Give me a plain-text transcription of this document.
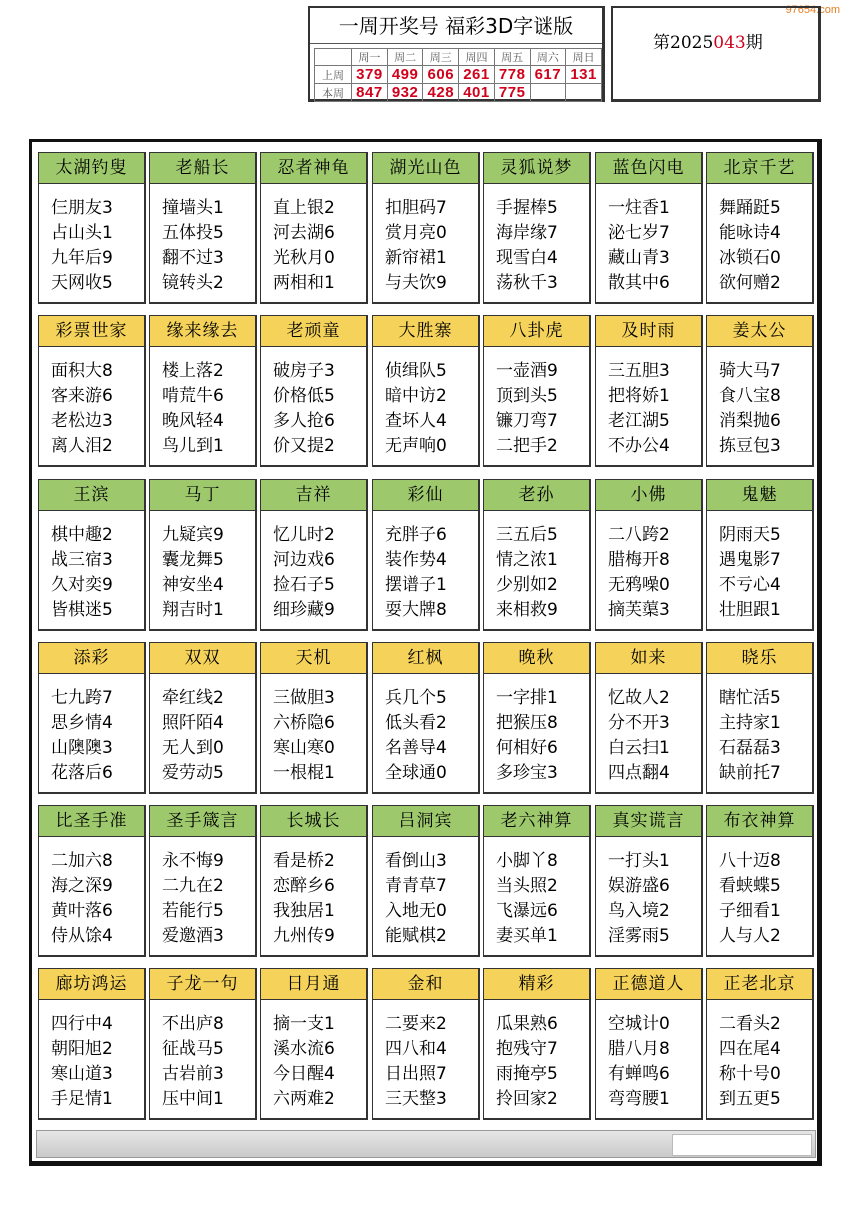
97654.com
一周开奖号 福彩3D字谜版
	周一	周二	周三	周四	周五	周六	周日
上周	379	499	606	261	778	617	131
本周	847	932	428	401	775		
第2025043期
太湖钓叟
仨朋友3
占山头1
九年后9
天网收5
老船长
撞墙头1
五体投5
翻不过3
镜转头2
忍者神龟
直上银2
河去湖6
光秋月0
两相和1
湖光山色
扣胆码7
赏月亮0
新帘裙1
与夫饮9
灵狐说梦
手握棒5
海岸缘7
现雪白4
荡秋千3
蓝色闪电
一炷香1
泌七岁7
藏山青3
散其中6
北京千艺
舞踊跹5
能咏诗4
冰锁石0
欲何赠2
彩票世家
面积大8
客来游6
老松边3
离人泪2
缘来缘去
楼上落2
啃荒牛6
晚风轻4
鸟儿到1
老顽童
破房子3
价格低5
多人抢6
价又提2
大胜寨
侦缉队5
暗中访2
查坏人4
无声响0
八卦虎
一壶酒9
顶到头5
镰刀弯7
二把手2
及时雨
三五胆3
把将娇1
老江湖5
不办公4
姜太公
骑大马7
食八宝8
消梨抛6
拣豆包3
王滨
棋中趣2
战三宿3
久对奕9
皆棋迷5
马丁
九疑宾9
囊龙舞5
神安坐4
翔吉时1
吉祥
忆儿时2
河边戏6
捡石子5
细珍藏9
彩仙
充胖子6
装作势4
摆谱子1
耍大牌8
老孙
三五后5
情之浓1
少别如2
来相救9
小佛
二八跨2
腊梅开8
无鸦噪0
摘芙蕖3
鬼魅
阴雨天5
遇鬼影7
不亏心4
壮胆跟1
添彩
七九跨7
思乡情4
山隩隩3
花落后6
双双
牵红线2
照阡陌4
无人到0
爱劳动5
天机
三做胆3
六桥隐6
寒山寒0
一根棍1
红枫
兵几个5
低头看2
名善导4
全球通0
晚秋
一字排1
把猴压8
何相好6
多珍宝3
如来
忆故人2
分不开3
白云扫1
四点翻4
晓乐
瞎忙活5
主持家1
石磊磊3
缺前托7
比圣手准
二加六8
海之深9
黄叶落6
侍从馀4
圣手箴言
永不悔9
二九在2
若能行5
爱邀酒3
长城长
看是桥2
恋醉乡6
我独居1
九州传9
吕洞宾
看倒山3
青青草7
入地无0
能赋棋2
老六神算
小脚丫8
当头照2
飞瀑远6
妻买单1
真实谎言
一打头1
娱游盛6
鸟入境2
淫雾雨5
布衣神算
八十迈8
看蛱蝶5
子细看1
人与人2
廊坊鸿运
四行中4
朝阳旭2
寒山道3
手足情1
子龙一句
不出庐8
征战马5
古岩前3
压中间1
日月通
摘一支1
溪水流6
今日醒4
六两难2
金和
二要来2
四八和4
日出照7
三天整3
精彩
瓜果熟6
抱残守7
雨掩亭5
拎回家2
正德道人
空城计0
腊八月8
有蝉鸣6
弯弯腰1
正老北京
二看头2
四在尾4
称十号0
到五更5
